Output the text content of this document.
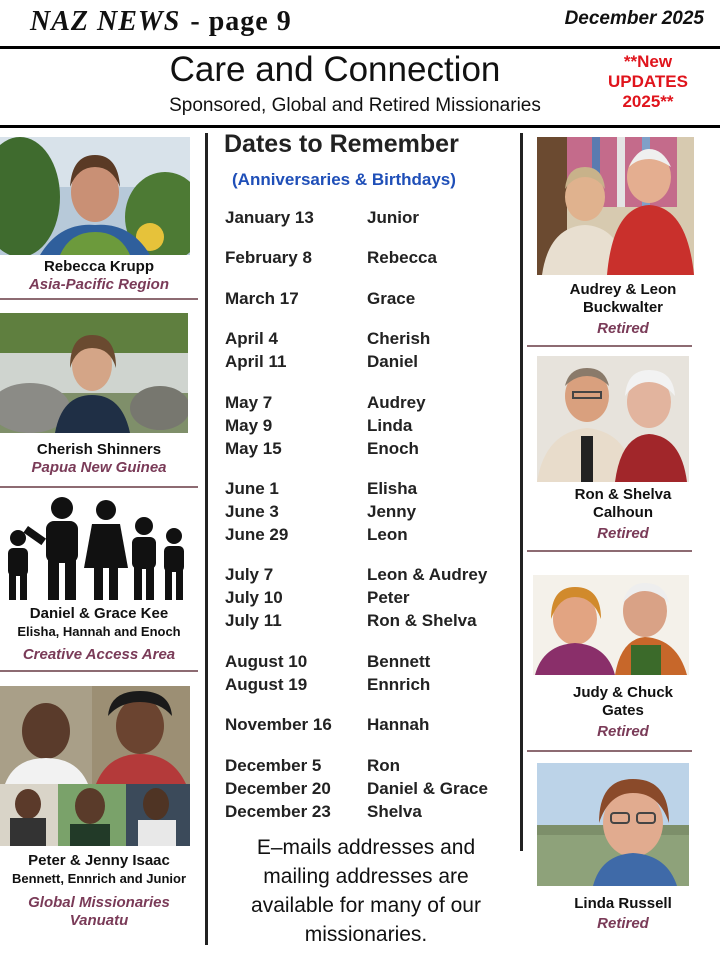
NAZ NEWS - page 9	December 2025
Care and Connection
Sponsored, Global and Retired Missionaries
**New
UPDATES
2025**
Rebecca Krupp
Asia-Pacific Region
Cherish Shinners
Papua New Guinea
Daniel & Grace Kee
Elisha, Hannah and Enoch
Creative Access Area
Peter & Jenny Isaac
Bennett, Ennrich and Junior
Global Missionaries
Vanuatu
Dates to Remember
(Anniversaries & Birthdays)
January 13	Junior
February 8	Rebecca
March 17	Grace
April 4	Cherish
April 11	Daniel
May 7	Audrey
May 9	Linda
May 15	Enoch
June 1	Elisha
June 3	Jenny
June 29	Leon
July 7	Leon & Audrey
July 10	Peter
July 11	Ron & Shelva
August 10	Bennett
August 19	Ennrich
November 16 Hannah
December 5	Ron
December 20 Daniel & Grace
December 23 Shelva
E–mails addresses and mailing addresses are available for many of our missionaries.
Audrey & Leon
Buckwalter
Retired
Ron & Shelva
Calhoun
Retired
Judy & Chuck
Gates
Retired
Linda Russell
Retired
